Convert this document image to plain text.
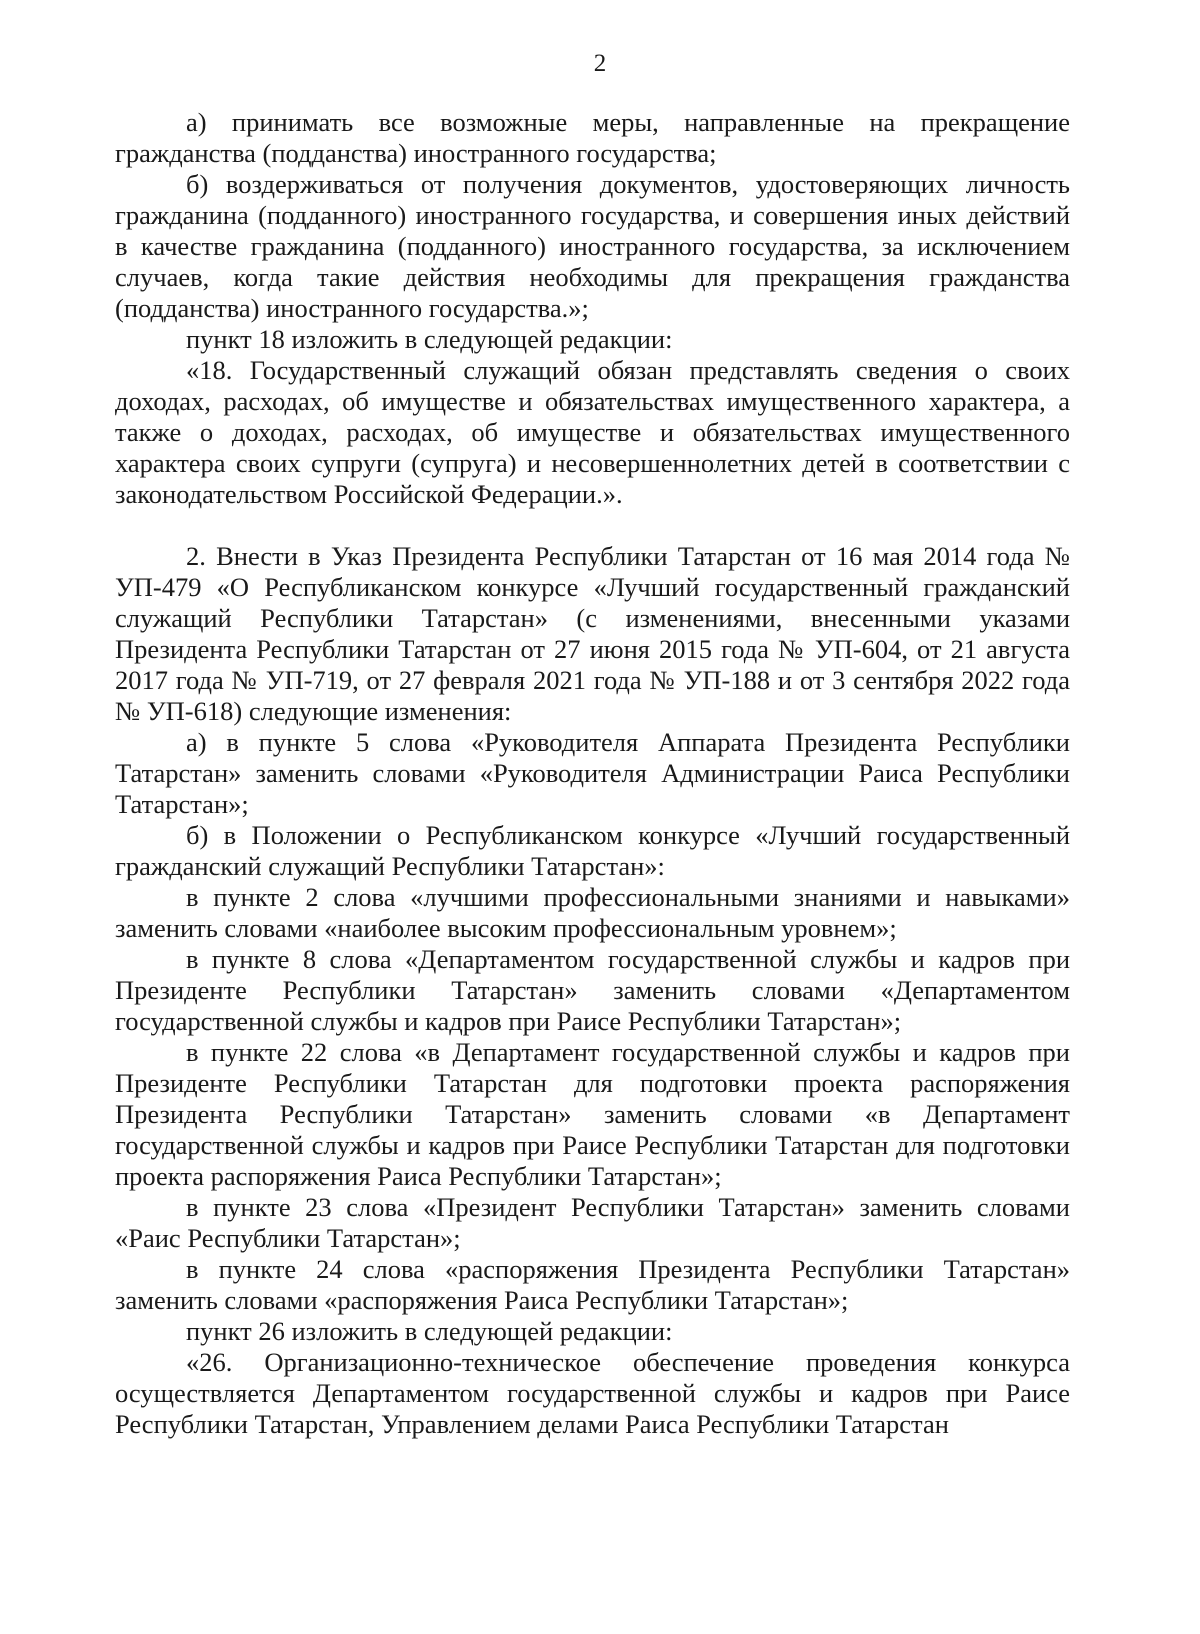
2

а) принимать все возможные меры, направленные на прекращение гражданства (подданства) иностранного государства;

б) воздерживаться от получения документов, удостоверяющих личность гражданина (подданного) иностранного государства, и совершения иных действий в качестве гражданина (подданного) иностранного государства, за исключением случаев, когда такие действия необходимы для прекращения гражданства (подданства) иностранного государства.»;

пункт 18 изложить в следующей редакции:

«18. Государственный служащий обязан представлять сведения о своих доходах, расходах, об имуществе и обязательствах имущественного характера, а также о доходах, расходах, об имуществе и обязательствах имущественного характера своих супруги (супруга) и несовершеннолетних детей в соответствии с законодательством Российской Федерации.».

2. Внести в Указ Президента Республики Татарстан от 16 мая 2014 года № УП-479 «О Республиканском конкурсе «Лучший государственный гражданский служащий Республики Татарстан» (с изменениями, внесенными указами Президента Республики Татарстан от 27 июня 2015 года № УП-604, от 21 августа 2017 года № УП-719, от 27 февраля 2021 года № УП-188 и от 3 сентября 2022 года № УП-618) следующие изменения:

а) в пункте 5 слова «Руководителя Аппарата Президента Республики Татарстан» заменить словами «Руководителя Администрации Раиса Республики Татарстан»;

б) в Положении о Республиканском конкурсе «Лучший государственный гражданский служащий Республики Татарстан»:

в пункте 2 слова «лучшими профессиональными знаниями и навыками» заменить словами «наиболее высоким профессиональным уровнем»;

в пункте 8 слова «Департаментом государственной службы и кадров при Президенте Республики Татарстан» заменить словами «Департаментом государственной службы и кадров при Раисе Республики Татарстан»;

в пункте 22 слова «в Департамент государственной службы и кадров при Президенте Республики Татарстан для подготовки проекта распоряжения Президента Республики Татарстан» заменить словами «в Департамент государственной службы и кадров при Раисе Республики Татарстан для подготовки проекта распоряжения Раиса Республики Татарстан»;

в пункте 23 слова «Президент Республики Татарстан» заменить словами «Раис Республики Татарстан»;

в пункте 24 слова «распоряжения Президента Республики Татарстан» заменить словами «распоряжения Раиса Республики Татарстан»;

пункт 26 изложить в следующей редакции:

«26. Организационно-техническое обеспечение проведения конкурса осуществляется Департаментом государственной службы и кадров при Раисе Республики Татарстан, Управлением делами Раиса Республики Татарстан
